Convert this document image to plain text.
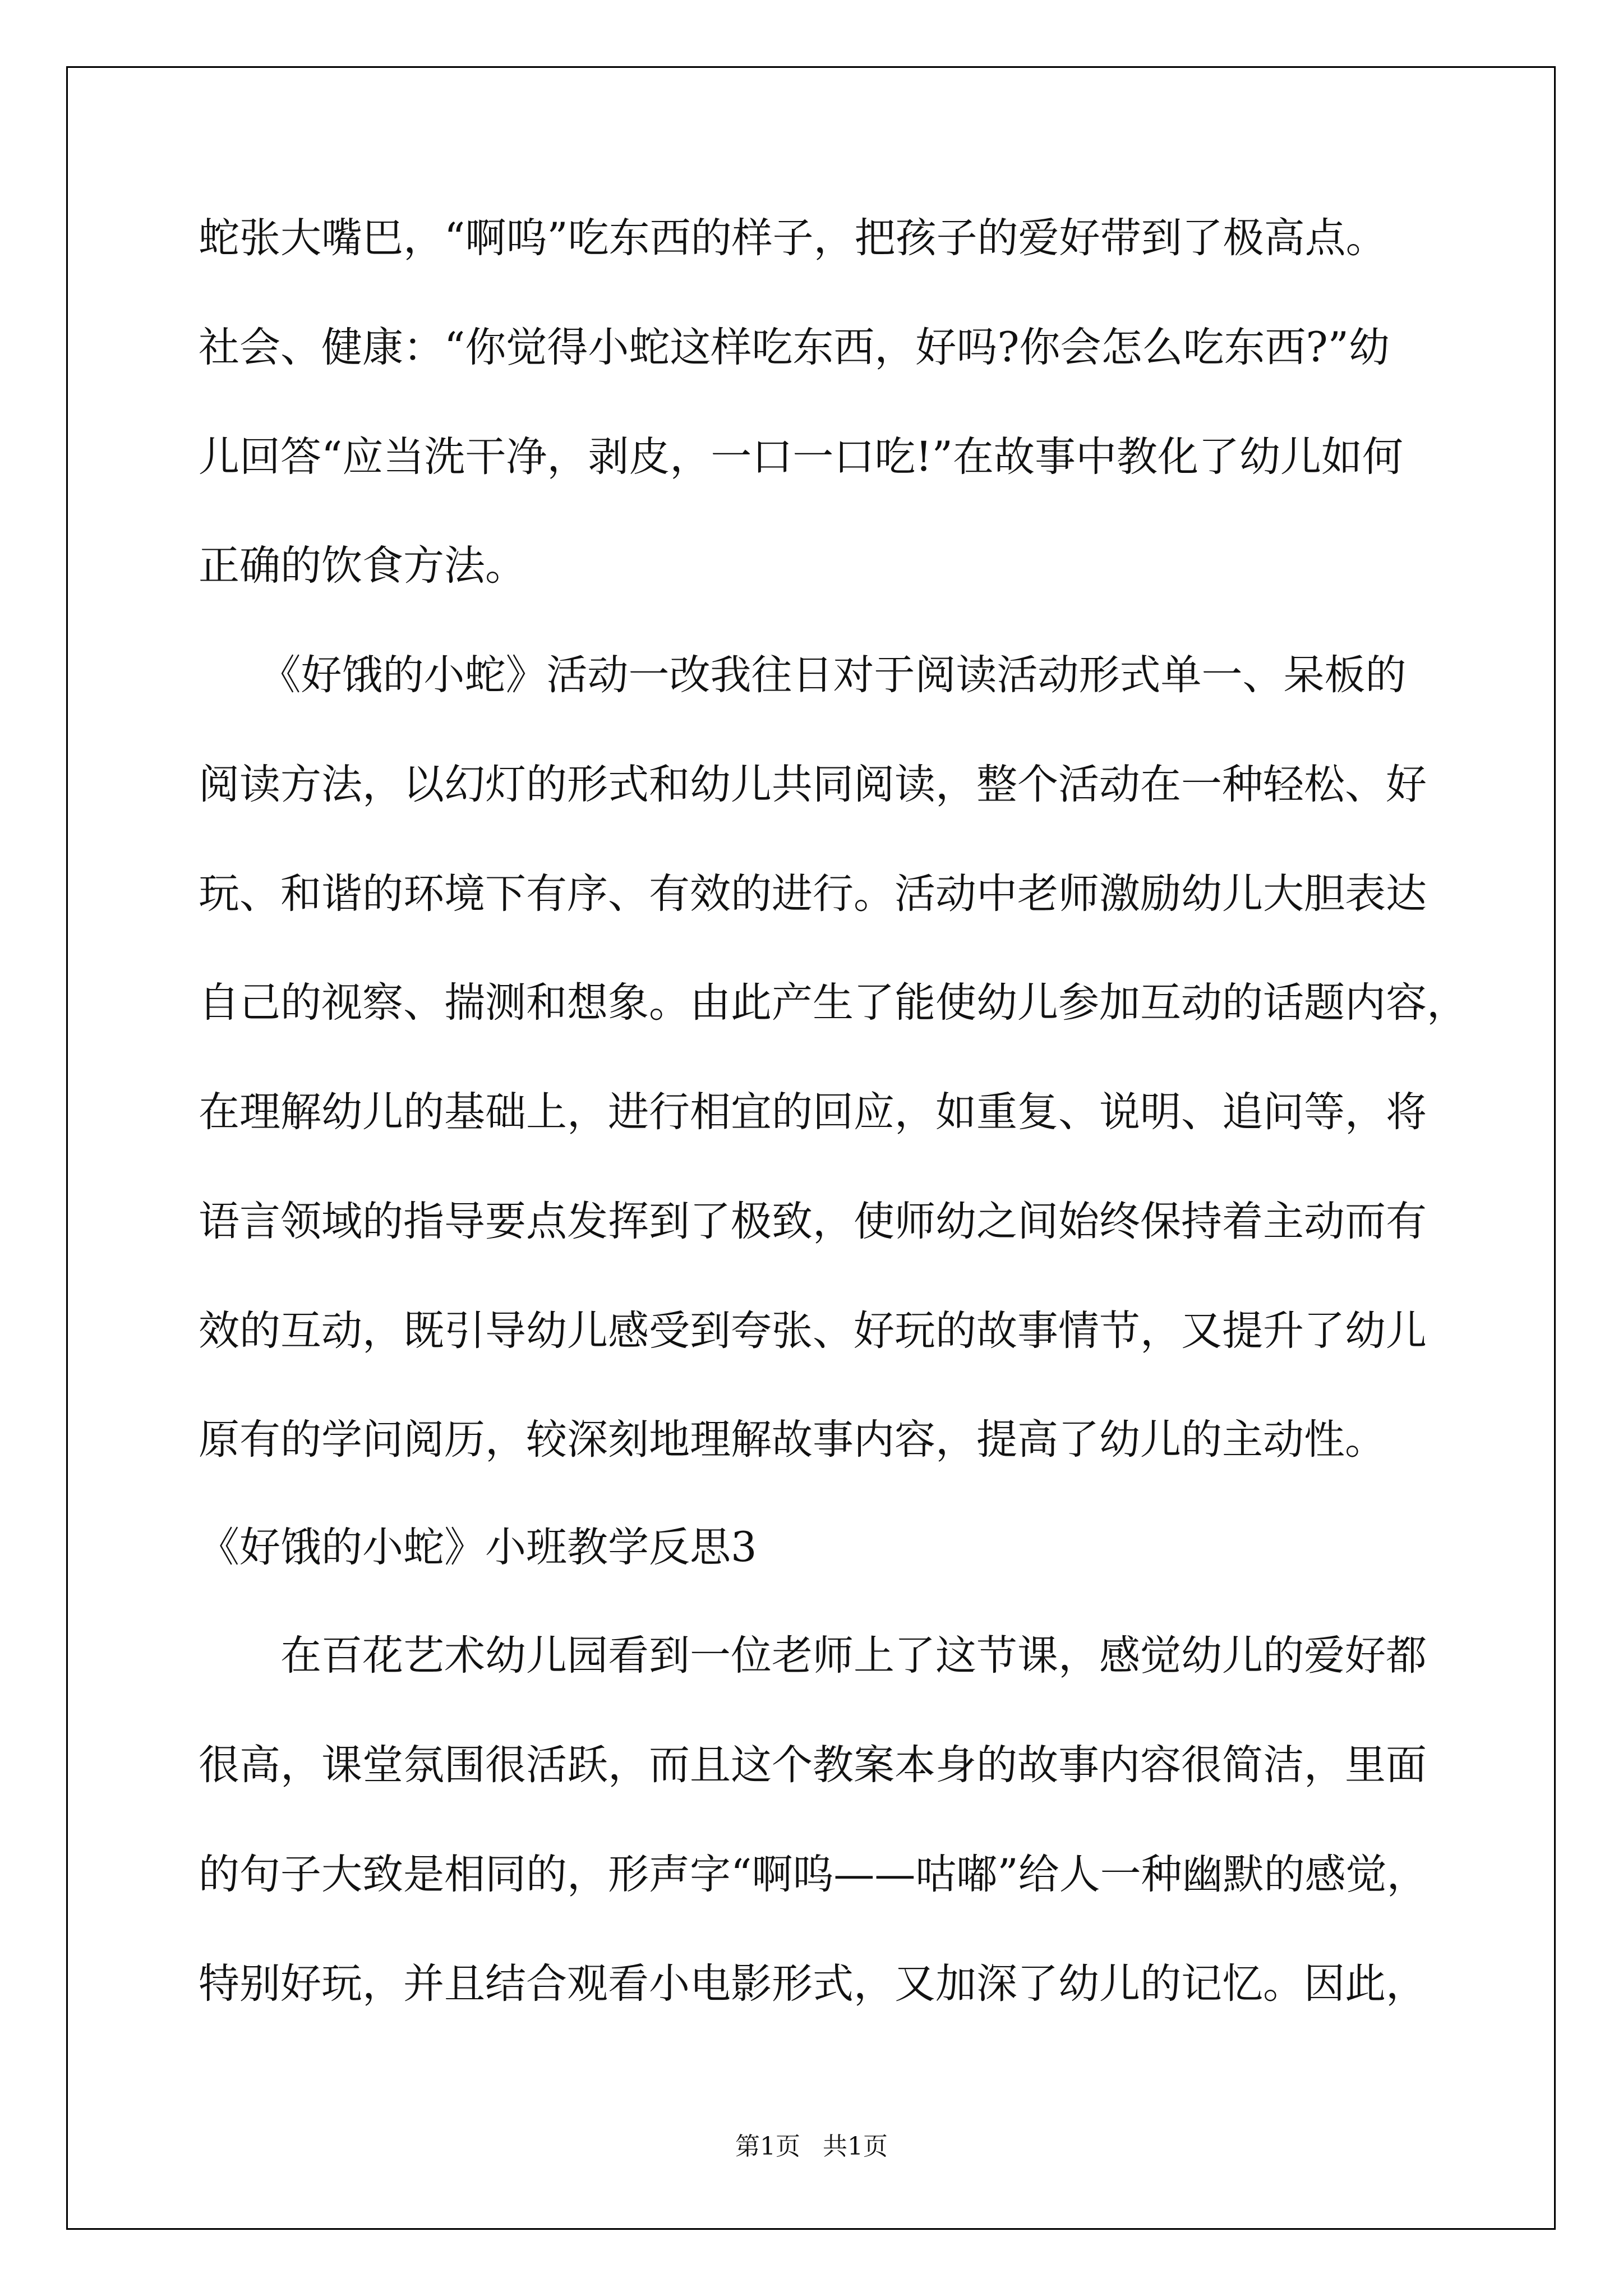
蛇张大嘴巴，“啊呜”吃东西的样子，把孩子的爱好带到了极高点。
社会、健康：“你觉得小蛇这样吃东西，好吗?你会怎么吃东西?”幼
儿回答“应当洗干净，剥皮，一口一口吃!”在故事中教化了幼儿如何
正确的饮食方法。
　　《好饿的小蛇》活动一改我往日对于阅读活动形式单一、呆板的
阅读方法，以幻灯的形式和幼儿共同阅读，整个活动在一种轻松、好
玩、和谐的环境下有序、有效的进行。活动中老师激励幼儿大胆表达
自己的视察、揣测和想象。由此产生了能使幼儿参加互动的话题内容，
在理解幼儿的基础上，进行相宜的回应，如重复、说明、追问等，将
语言领域的指导要点发挥到了极致，使师幼之间始终保持着主动而有
效的互动，既引导幼儿感受到夸张、好玩的故事情节，又提升了幼儿
原有的学问阅历，较深刻地理解故事内容，提高了幼儿的主动性。
《好饿的小蛇》小班教学反思3
　　在百花艺术幼儿园看到一位老师上了这节课，感觉幼儿的爱好都
很高，课堂氛围很活跃，而且这个教案本身的故事内容很简洁，里面
的句子大致是相同的，形声字“啊呜——咕嘟”给人一种幽默的感觉，
特别好玩，并且结合观看小电影形式，又加深了幼儿的记忆。因此，
第1页 共1页
